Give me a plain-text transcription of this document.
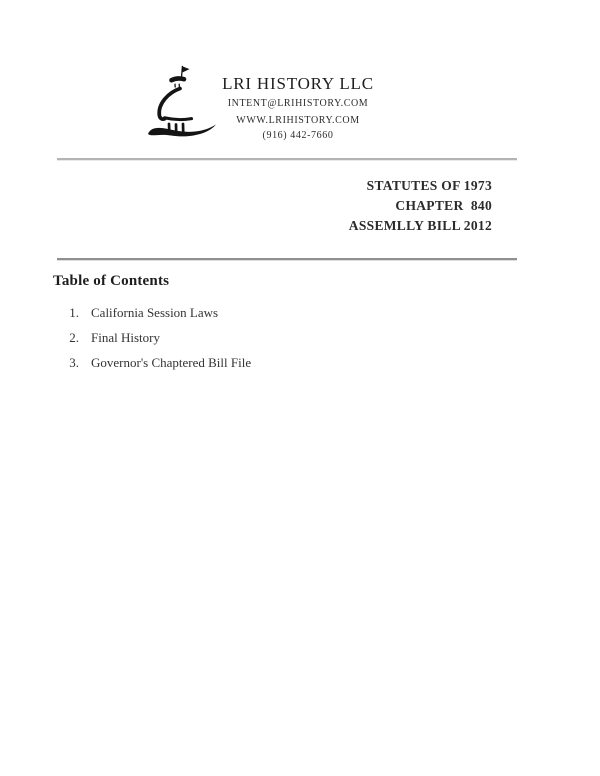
LRI HISTORY LLC
INTENT@LRIHISTORY.COM
WWW.LRIHISTORY.COM
(916) 442-7660
STATUTES OF 1973
CHAPTER  840
ASSEMLLY BILL 2012
Table of Contents
1. California Session Laws
2. Final History
3. Governor's Chaptered Bill File
